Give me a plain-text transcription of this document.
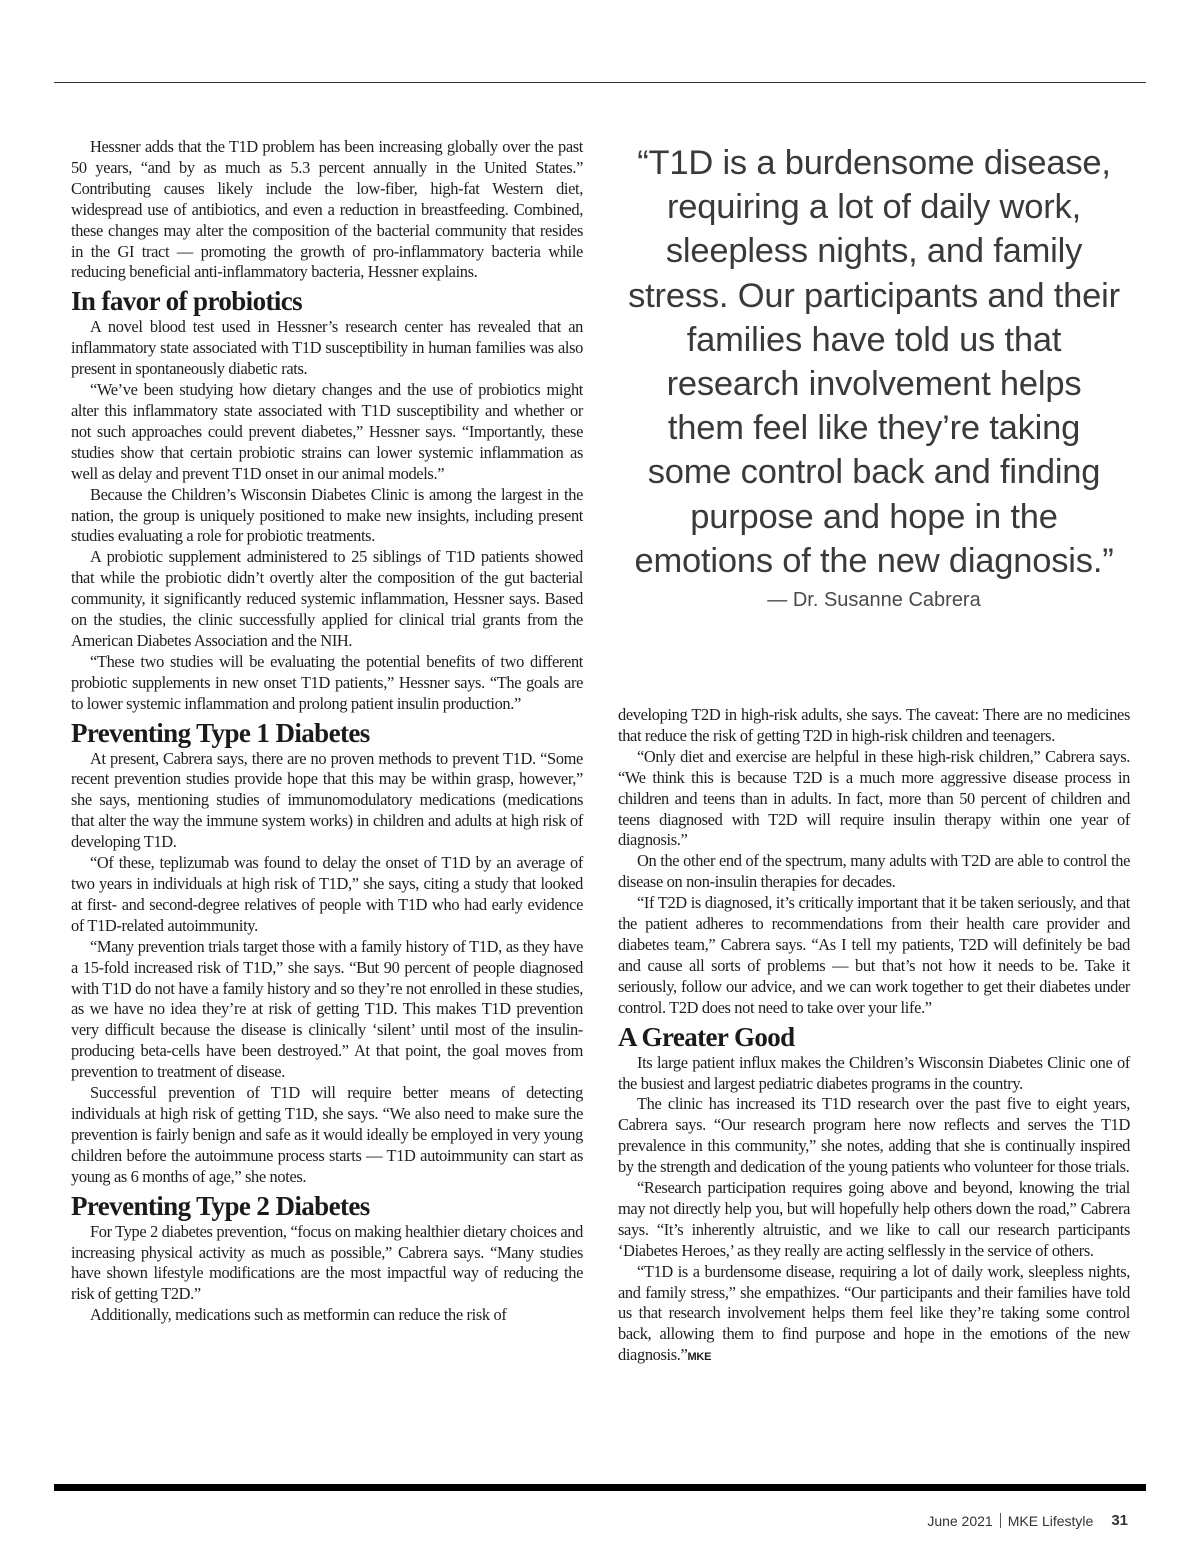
Hessner adds that the T1D problem has been increasing globally over the past 50 years, “and by as much as 5.3 percent annually in the United States.” Contributing causes likely include the low-fiber, high-fat Western diet, widespread use of antibiotics, and even a reduction in breastfeeding. Combined, these changes may alter the composition of the bacterial community that resides in the GI tract — promoting the growth of pro-inflammatory bacteria while reducing beneficial anti-inflammatory bacteria, Hessner explains.

In favor of probiotics

A novel blood test used in Hessner’s research center has revealed that an inflammatory state associated with T1D susceptibility in human families was also present in spontaneously diabetic rats.

“We’ve been studying how dietary changes and the use of probiotics might alter this inflammatory state associated with T1D susceptibility and whether or not such approaches could prevent diabetes,” Hessner says. “Importantly, these studies show that certain probiotic strains can lower systemic inflammation as well as delay and prevent T1D onset in our animal models.”

Because the Children’s Wisconsin Diabetes Clinic is among the largest in the nation, the group is uniquely positioned to make new insights, including present studies evaluating a role for probiotic treatments.

A probiotic supplement administered to 25 siblings of T1D patients showed that while the probiotic didn’t overtly alter the composition of the gut bacterial community, it significantly reduced systemic inflammation, Hessner says. Based on the studies, the clinic successfully applied for clinical trial grants from the American Diabetes Association and the NIH.

“These two studies will be evaluating the potential benefits of two different probiotic supplements in new onset T1D patients,” Hessner says. “The goals are to lower systemic inflammation and prolong patient insulin production.”

Preventing Type 1 Diabetes

At present, Cabrera says, there are no proven methods to prevent T1D. “Some recent prevention studies provide hope that this may be within grasp, however,” she says, mentioning studies of immunomodulatory medications (medications that alter the way the immune system works) in children and adults at high risk of developing T1D.

“Of these, teplizumab was found to delay the onset of T1D by an average of two years in individuals at high risk of T1D,” she says, citing a study that looked at first- and second-degree relatives of people with T1D who had early evidence of T1D-related autoimmunity.

“Many prevention trials target those with a family history of T1D, as they have a 15-fold increased risk of T1D,” she says. “But 90 percent of people diagnosed with T1D do not have a family history and so they’re not enrolled in these studies, as we have no idea they’re at risk of getting T1D. This makes T1D prevention very difficult because the disease is clinically ‘silent’ until most of the insulin-producing beta-cells have been destroyed.” At that point, the goal moves from prevention to treatment of disease.

Successful prevention of T1D will require better means of detecting individuals at high risk of getting T1D, she says. “We also need to make sure the prevention is fairly benign and safe as it would ideally be employed in very young children before the autoimmune process starts — T1D autoimmunity can start as young as 6 months of age,” she notes.

Preventing Type 2 Diabetes

For Type 2 diabetes prevention, “focus on making healthier dietary choices and increasing physical activity as much as possible,” Cabrera says. “Many studies have shown lifestyle modifications are the most impactful way of reducing the risk of getting T2D.”

Additionally, medications such as metformin can reduce the risk of

“T1D is a burdensome disease, requiring a lot of daily work, sleepless nights, and family stress. Our participants and their families have told us that research involvement helps them feel like they’re taking some control back and finding purpose and hope in the emotions of the new diagnosis.”

— Dr. Susanne Cabrera

developing T2D in high-risk adults, she says. The caveat: There are no medicines that reduce the risk of getting T2D in high-risk children and teenagers.

“Only diet and exercise are helpful in these high-risk children,” Cabrera says. “We think this is because T2D is a much more aggressive disease process in children and teens than in adults. In fact, more than 50 percent of children and teens diagnosed with T2D will require insulin therapy within one year of diagnosis.”

On the other end of the spectrum, many adults with T2D are able to control the disease on non-insulin therapies for decades.

“If T2D is diagnosed, it’s critically important that it be taken seriously, and that the patient adheres to recommendations from their health care provider and diabetes team,” Cabrera says. “As I tell my patients, T2D will definitely be bad and cause all sorts of problems — but that’s not how it needs to be. Take it seriously, follow our advice, and we can work together to get their diabetes under control. T2D does not need to take over your life.”

A Greater Good

Its large patient influx makes the Children’s Wisconsin Diabetes Clinic one of the busiest and largest pediatric diabetes programs in the country.

The clinic has increased its T1D research over the past five to eight years, Cabrera says. “Our research program here now reflects and serves the T1D prevalence in this community,” she notes, adding that she is continually inspired by the strength and dedication of the young patients who volunteer for those trials.

“Research participation requires going above and beyond, knowing the trial may not directly help you, but will hopefully help others down the road,” Cabrera says. “It’s inherently altruistic, and we like to call our research participants ‘Diabetes Heroes,’ as they really are acting selflessly in the service of others.

“T1D is a burdensome disease, requiring a lot of daily work, sleepless nights, and family stress,” she empathizes. “Our participants and their families have told us that research involvement helps them feel like they’re taking some control back, allowing them to find purpose and hope in the emotions of the new diagnosis.”MKE

June 2021 MKE Lifestyle 31
